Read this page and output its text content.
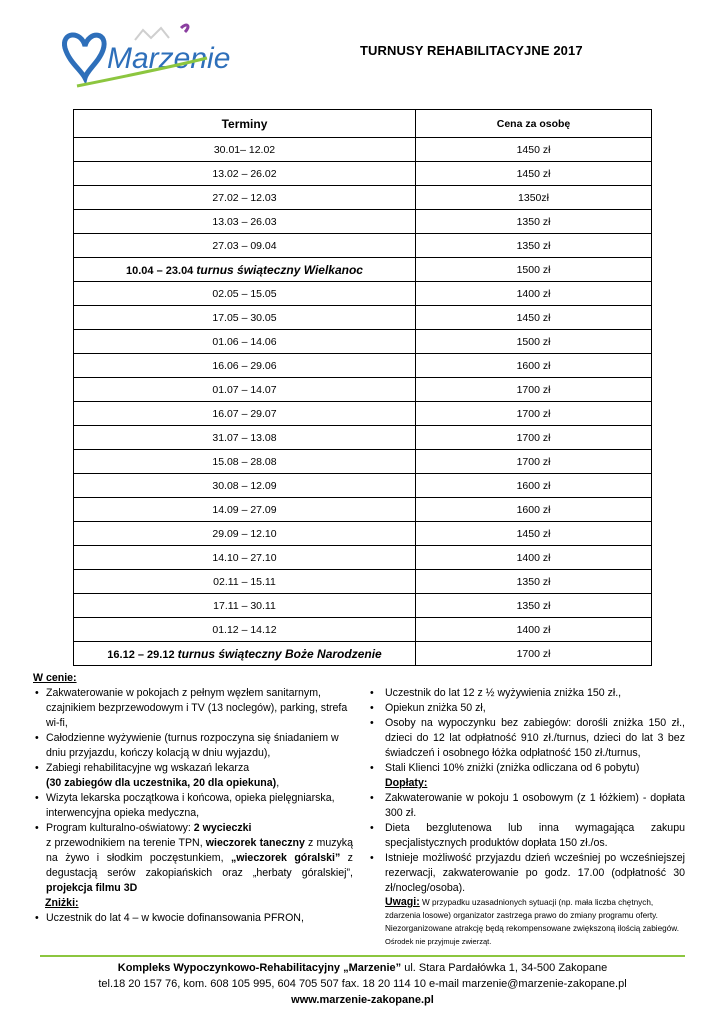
Marzenie	TURNUSY REHABILITACYJNE 2017
Terminy	Cena za osobę
30.01– 12.02	1450 zł
13.02 – 26.02	1450 zł
27.02 – 12.03	1350zł
13.03 – 26.03	1350 zł
27.03 – 09.04	1350 zł
10.04 – 23.04 turnus świąteczny Wielkanoc	1500 zł
02.05 – 15.05	1400 zł
17.05 – 30.05	1450 zł
01.06 – 14.06	1500 zł
16.06 – 29.06	1600 zł
01.07 – 14.07	1700 zł
16.07 – 29.07	1700 zł
31.07 – 13.08	1700 zł
15.08 – 28.08	1700 zł
30.08 – 12.09	1600 zł
14.09 – 27.09	1600 zł
29.09 – 12.10	1450 zł
14.10 – 27.10	1400 zł
02.11 – 15.11	1350 zł
17.11 – 30.11	1350 zł
01.12 – 14.12	1400 zł
16.12 – 29.12 turnus świąteczny Boże Narodzenie	1700 zł
W cenie:
• Zakwaterowanie w pokojach z pełnym węzłem sanitarnym, czajnikiem bezprzewodowym i TV (13 noclegów), parking, strefa wi-fi,
• Całodzienne wyżywienie (turnus rozpoczyna się śniadaniem w dniu przyjazdu, kończy kolacją w dniu wyjazdu),
• Zabiegi rehabilitacyjne wg wskazań lekarza
(30 zabiegów dla uczestnika, 20 dla opiekuna),
• Wizyta lekarska początkowa i końcowa, opieka pielęgniarska, interwencyjna opieka medyczna,
• Program kulturalno-oświatowy: 2 wycieczki
z przewodnikiem na terenie TPN, wieczorek taneczny z muzyką na żywo i słodkim poczęstunkiem, „wieczorek góralski” z degustacją serów zakopiańskich oraz „herbaty góralskiej”, projekcja filmu 3D
Zniżki:
• Uczestnik do lat 4 – w kwocie dofinansowania PFRON,
• Uczestnik do lat 12 z ½ wyżywienia zniżka 150 zł.,
• Opiekun zniżka 50 zł,
• Osoby na wypoczynku bez zabiegów: dorośli zniżka 150 zł., dzieci do 12 lat odpłatność 910 zł./turnus, dzieci do lat 3 bez świadczeń i osobnego łóżka odpłatność 150 zł./turnus,
• Stali Klienci 10% zniżki (zniżka odliczana od 6 pobytu)
Dopłaty:
• Zakwaterowanie w pokoju 1 osobowym (z 1 łóżkiem) - dopłata 300 zł.
• Dieta bezglutenowa lub inna wymagająca zakupu specjalistycznych produktów dopłata 150 zł./os.
• Istnieje możliwość przyjazdu dzień wcześniej po wcześniejszej rezerwacji, zakwaterowanie po godz. 17.00 (odpłatność 30 zł/nocleg/osoba).
Uwagi: W przypadku uzasadnionych sytuacji (np. mała liczba chętnych, zdarzenia losowe) organizator zastrzega prawo do zmiany programu oferty. Niezorganizowane atrakcję będą rekompensowane zwiększoną ilością zabiegów. Ośrodek nie przyjmuje zwierząt.
Kompleks Wypoczynkowo-Rehabilitacyjny „Marzenie” ul. Stara Pardałówka 1, 34-500 Zakopane
tel.18 20 157 76, kom. 608 105 995, 604 705 507 fax. 18 20 114 10 e-mail marzenie@marzenie-zakopane.pl
www.marzenie-zakopane.pl
